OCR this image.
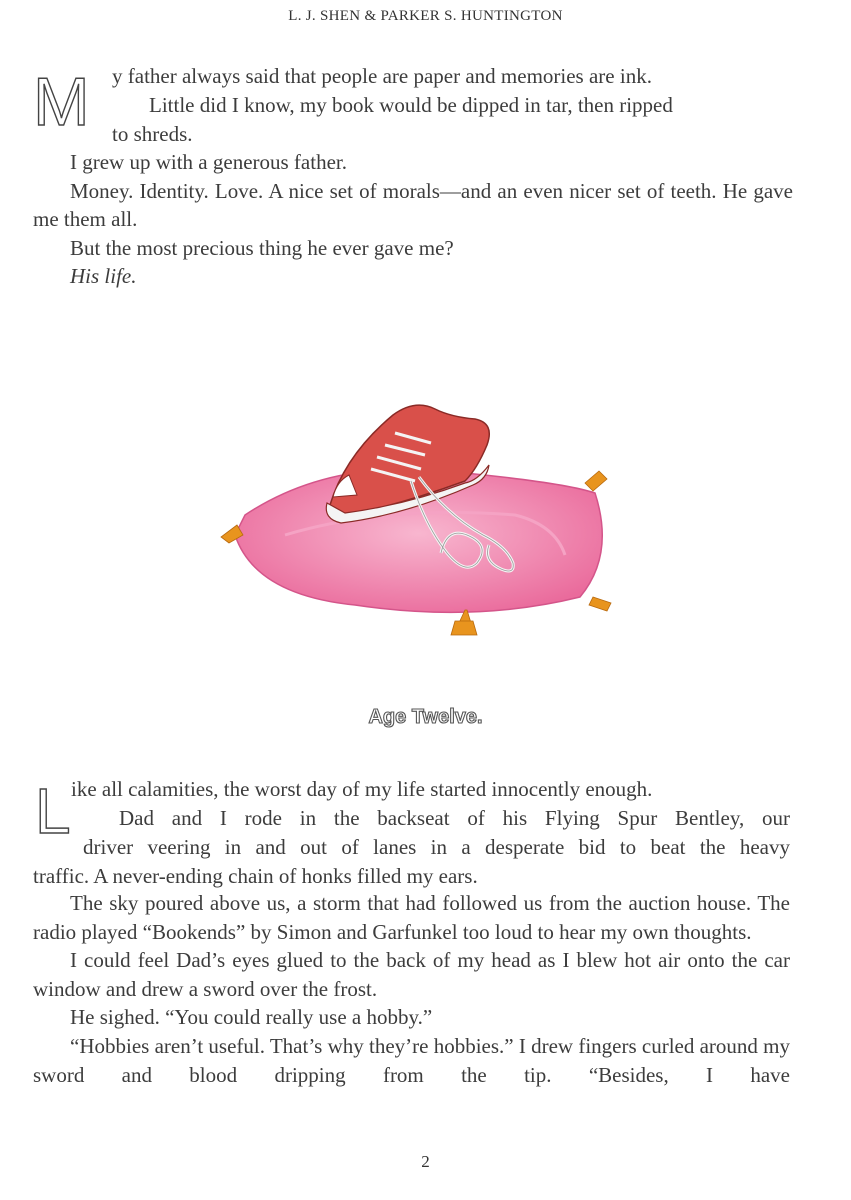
L. J. SHEN & PARKER S. HUNTINGTON
M y father always said that people are paper and memories are ink.
Little did I know, my book would be dipped in tar, then ripped
to shreds.

I grew up with a generous father.

Money. Identity. Love. A nice set of morals—and an even nicer set of teeth. He gave me them all.

But the most precious thing he ever gave me?

His life.

Age Twelve.
L ike all calamities, the worst day of my life started innocently enough.
Dad and I rode in the backseat of his Flying Spur Bentley, our
driver veering in and out of lanes in a desperate bid to beat the heavy
traffic. A never-ending chain of honks filled my ears.

The sky poured above us, a storm that had followed us from the auction house. The radio played “Bookends” by Simon and Garfunkel too loud to hear my own thoughts.

I could feel Dad’s eyes glued to the back of my head as I blew hot air onto the car window and drew a sword over the frost.

He sighed. “You could really use a hobby.”

“Hobbies aren’t useful. That’s why they’re hobbies.” I drew fingers curled around my sword and blood dripping from the tip. “Besides, I have

2
